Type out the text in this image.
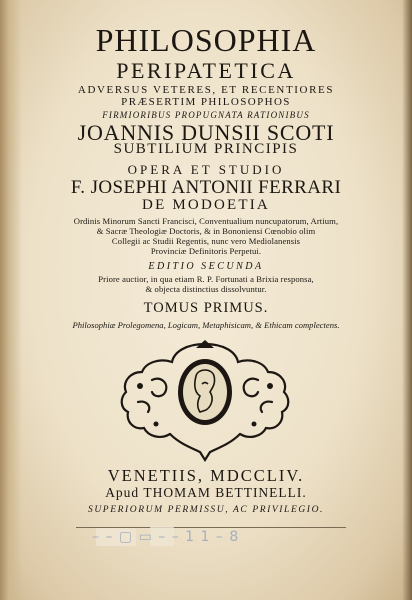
PHILOSOPHIA
PERIPATETICA
ADVERSUS VETERES, ET RECENTIORES
PRÆSERTIM PHILOSOPHOS
FIRMIORIBUS PROPUGNATA RATIONIBUS
JOANNIS DUNSII SCOTI
SUBTILIUM PRINCIPIS
OPERA ET STUDIO
F. JOSEPHI ANTONII FERRARI
DE MODOETIA
Ordinis Minorum Sancti Francisci, Conventualium nuncupatorum, Artium,
& Sacræ Theologiæ Doctoris, & in Bononiensi Cœnobio olim
Collegii ac Studii Regentis, nunc vero Mediolanensis
Provinciæ Definitoris Perpetui.
EDITIO SECUNDA
Priore auctior, in qua etiam R. P. Fortunati a Brixia responsa,
& objecta distinctius dissolvuntur.
TOMUS PRIMUS.
Philosophiæ Prolegomena, Logicam, Metaphisicam, & Ethicam complectens.
VENETIIS, MDCCLIV.
Apud THOMAM BETTINELLI.
SUPERIORUM PERMISSU, AC PRIVILEGIO.
– – ▢ ▭ – – 1 1 – 8
